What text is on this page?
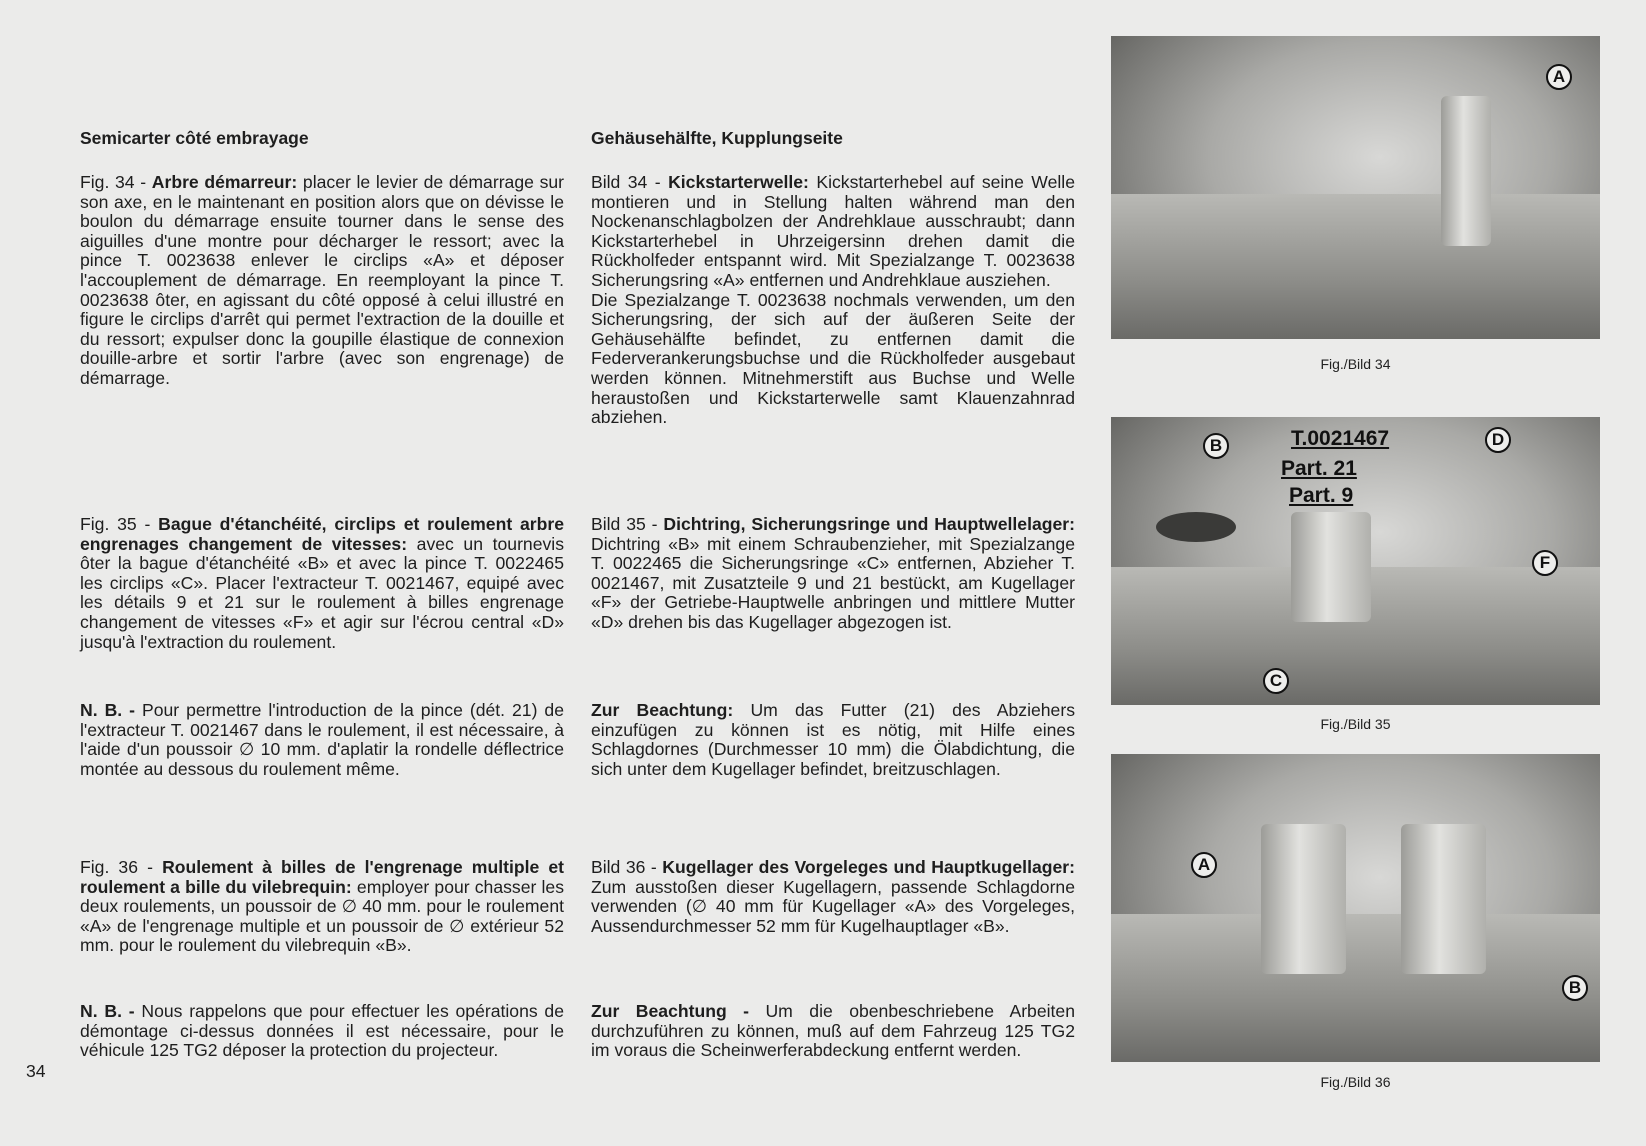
Semicarter côté embrayage

Fig. 34 - Arbre démarreur: placer le levier de démarrage sur son axe, en le maintenant en position alors que on dévisse le boulon du démarrage ensuite tourner dans le sense des aiguilles d'une montre pour décharger le ressort; avec la pince T. 0023638 enlever le circlips «A» et déposer l'accouplement de démarrage. En reemployant la pince T. 0023638 ôter, en agissant du côté opposé à celui illustré en figure le circlips d'arrêt qui permet l'extraction de la douille et du ressort; expulser donc la goupille élastique de connexion douille-arbre et sortir l'arbre (avec son engrenage) de démarrage.

Fig. 35 - Bague d'étanchéité, circlips et roulement arbre engrenages changement de vitesses: avec un tournevis ôter la bague d'étanchéité «B» et avec la pince T. 0022465 les circlips «C». Placer l'extracteur T. 0021467, equipé avec les détails 9 et 21 sur le roulement à billes engrenage changement de vitesses «F» et agir sur l'écrou central «D» jusqu'à l'extraction du roulement.

N. B. - Pour permettre l'introduction de la pince (dét. 21) de l'extracteur T. 0021467 dans le roulement, il est nécessaire, à l'aide d'un poussoir ∅ 10 mm. d'aplatir la rondelle déflectrice montée au dessous du roulement même.

Fig. 36 - Roulement à billes de l'engrenage multiple et roulement a bille du vilebrequin: employer pour chasser les deux roulements, un poussoir de ∅ 40 mm. pour le roulement «A» de l'engrenage multiple et un poussoir de ∅ extérieur 52 mm. pour le roulement du vilebrequin «B».

N. B. - Nous rappelons que pour effectuer les opérations de démontage ci-dessus données il est nécessaire, pour le véhicule 125 TG2 déposer la protection du projecteur.

34
Gehäusehälfte, Kupplungseite

Bild 34 - Kickstarterwelle: Kickstarterhebel auf seine Welle montieren und in Stellung halten während man den Nockenanschlagbolzen der Andrehklaue ausschraubt; dann Kickstarterhebel in Uhrzeigersinn drehen damit die Rückholfeder entspannt wird. Mit Spezialzange T. 0023638 Sicherungsring «A» entfernen und Andrehklaue ausziehen.
Die Spezialzange T. 0023638 nochmals verwenden, um den Sicherungsring, der sich auf der äußeren Seite der Gehäusehälfte befindet, zu entfernen damit die Federverankerungsbuchse und die Rückholfeder ausgebaut werden können. Mitnehmerstift aus Buchse und Welle heraustoßen und Kickstarterwelle samt Klauenzahnrad abziehen.

Bild 35 - Dichtring, Sicherungsringe und Hauptwellelager: Dichtring «B» mit einem Schraubenzieher, mit Spezialzange T. 0022465 die Sicherungsringe «C» entfernen, Abzieher T. 0021467, mit Zusatzteile 9 und 21 bestückt, am Kugellager «F» der Getriebe-Hauptwelle anbringen und mittlere Mutter «D» drehen bis das Kugellager abgezogen ist.

Zur Beachtung: Um das Futter (21) des Abziehers einzufügen zu können ist es nötig, mit Hilfe eines Schlagdornes (Durchmesser 10 mm) die Ölabdichtung, die sich unter dem Kugellager befindet, breitzuschlagen.

Bild 36 - Kugellager des Vorgeleges und Hauptkugellager: Zum ausstoßen dieser Kugellagern, passende Schlagdorne verwenden (∅ 40 mm für Kugellager «A» des Vorgeleges, Aussendurchmesser 52 mm für Kugelhauptlager «B».

Zur Beachtung - Um die obenbeschriebene Arbeiten durchzuführen zu können, muß auf dem Fahrzeug 125 TG2 im voraus die Scheinwerferabdeckung entfernt werden.

A
Fig./Bild 34
B	T.0021467
Part. 21
Part. 9
D
F
C
Fig./Bild 35
A
B
Fig./Bild 36
